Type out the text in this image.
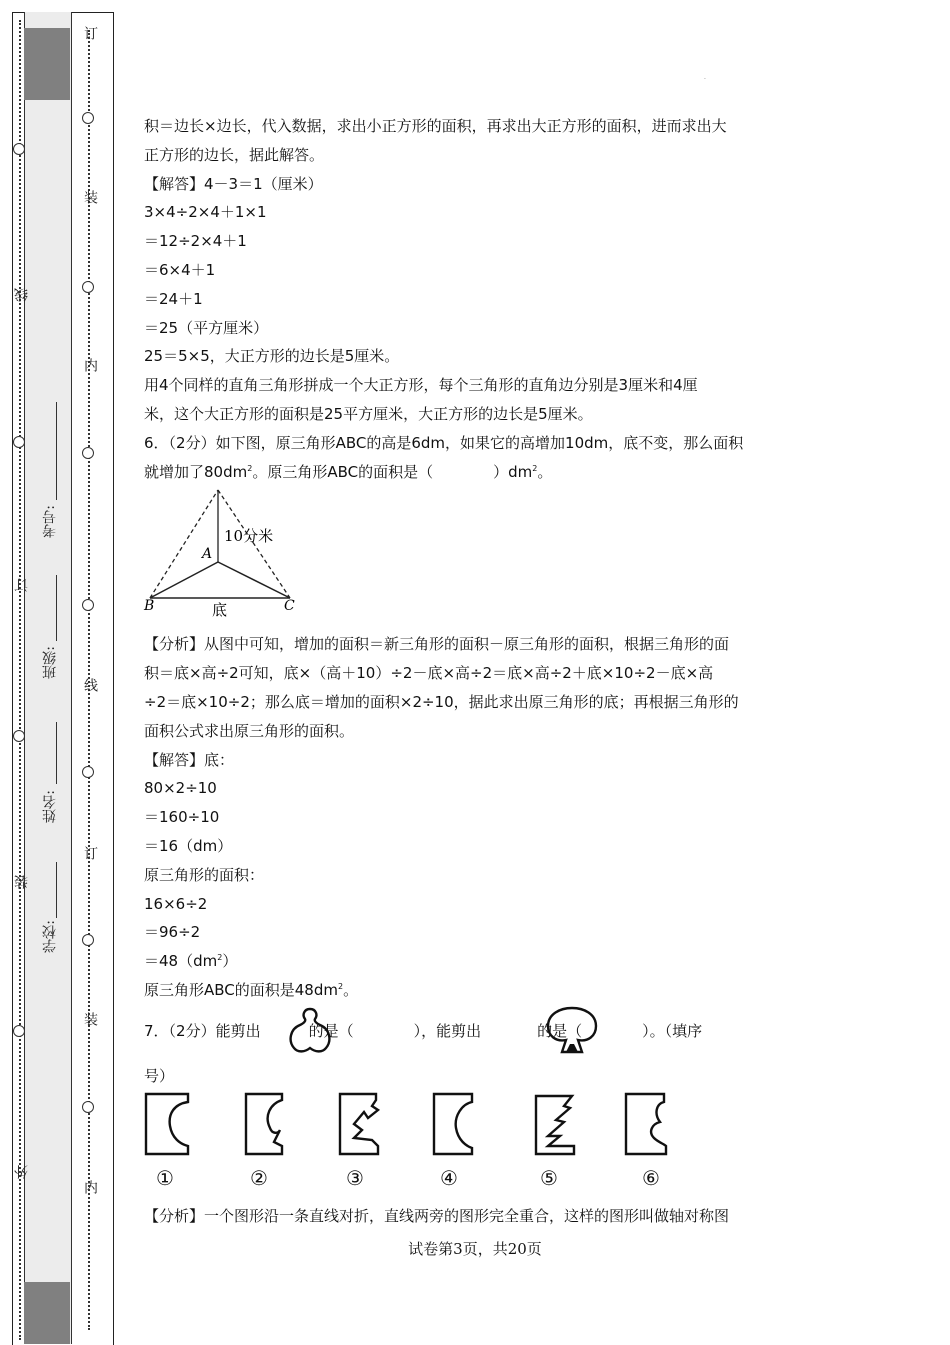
外
装
订
线
内
装
订
线
内
装
订
学校:
姓名:
班级:
考号:
·
积＝边长×边长，代入数据，求出小正方形的面积，再求出大正方形的面积，进而求出大
正方形的边长，据此解答。
【解答】4－3＝1（厘米）
3×4÷2×4＋1×1
＝12÷2×4＋1
＝6×4＋1
＝24＋1
＝25（平方厘米）
25＝5×5，大正方形的边长是5厘米。
用4个同样的直角三角形拼成一个大正方形，每个三角形的直角边分别是3厘米和4厘
米，这个大正方形的面积是25平方厘米，大正方形的边长是5厘米。
6．（2分）如下图，原三角形ABC的高是6dm，如果它的高增加10dm，底不变，那么面积
就增加了$80dm^2$。原三角形ABC的面积是（　　　　）$dm^2$。
【分析】从图中可知，增加的面积＝新三角形的面积－原三角形的面积，根据三角形的面
积＝底×高÷2可知，底×（高＋10）÷2－底×高÷2＝底×高÷2＋底×10÷2－底×高
÷2＝底×10÷2；那么底＝增加的面积×2÷10，据此求出原三角形的底；再根据三角形的
面积公式求出原三角形的面积。
【解答】底：
80×2÷10
＝160÷10
＝16（dm）
原三角形的面积：
16×6÷2
＝96÷2
$=48(dm^2)$
原三角形ABC的面积是$48dm^2$。
7．（2分）能剪出	的是（　　　　），能剪出	的是（　　　　）。（填序
号）
10分米
A
B	C
底
①	②	③	④	⑤	⑥
【分析】一个图形沿一条直线对折，直线两旁的图形完全重合，这样的图形叫做轴对称图
试卷第3页，共20页
